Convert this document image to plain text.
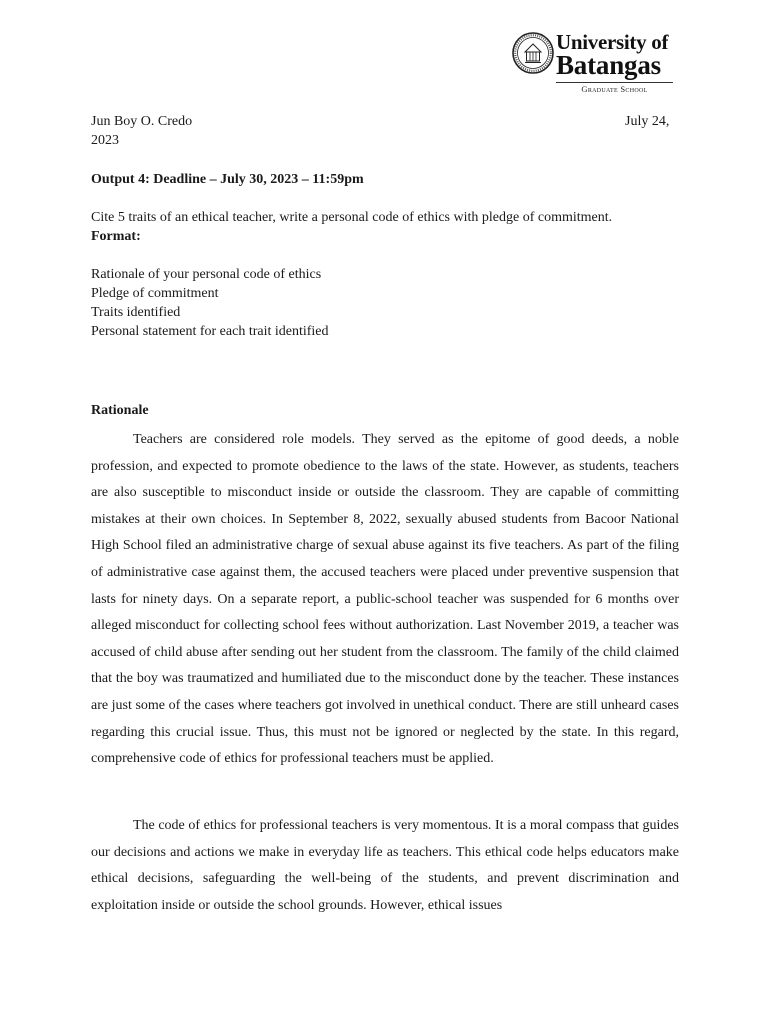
University of
Batangas
Graduate School
Jun Boy O. Credo	July 24,
2023
Output 4: Deadline – July 30, 2023 – 11:59pm
Cite 5 traits of an ethical teacher, write a personal code of ethics with pledge of commitment.
Format:
Rationale of your personal code of ethics
Pledge of commitment
Traits identified
Personal statement for each trait identified
Rationale
Teachers are considered role models. They served as the epitome of good deeds, a noble profession, and expected to promote obedience to the laws of the state. However, as students, teachers are also susceptible to misconduct inside or outside the classroom. They are capable of committing mistakes at their own choices. In September 8, 2022, sexually abused students from Bacoor National High School filed an administrative charge of sexual abuse against its five teachers. As part of the filing of administrative case against them, the accused teachers were placed under preventive suspension that lasts for ninety days. On a separate report, a public-school teacher was suspended for 6 months over alleged misconduct for collecting school fees without authorization. Last November 2019, a teacher was accused of child abuse after sending out her student from the classroom. The family of the child claimed that the boy was traumatized and humiliated due to the misconduct done by the teacher. These instances are just some of the cases where teachers got involved in unethical conduct. There are still unheard cases regarding this crucial issue. Thus, this must not be ignored or neglected by the state. In this regard, comprehensive code of ethics for professional teachers must be applied.
The code of ethics for professional teachers is very momentous. It is a moral compass that guides our decisions and actions we make in everyday life as teachers. This ethical code helps educators make ethical decisions, safeguarding the well-being of the students, and prevent discrimination and exploitation inside or outside the school grounds. However, ethical issues
